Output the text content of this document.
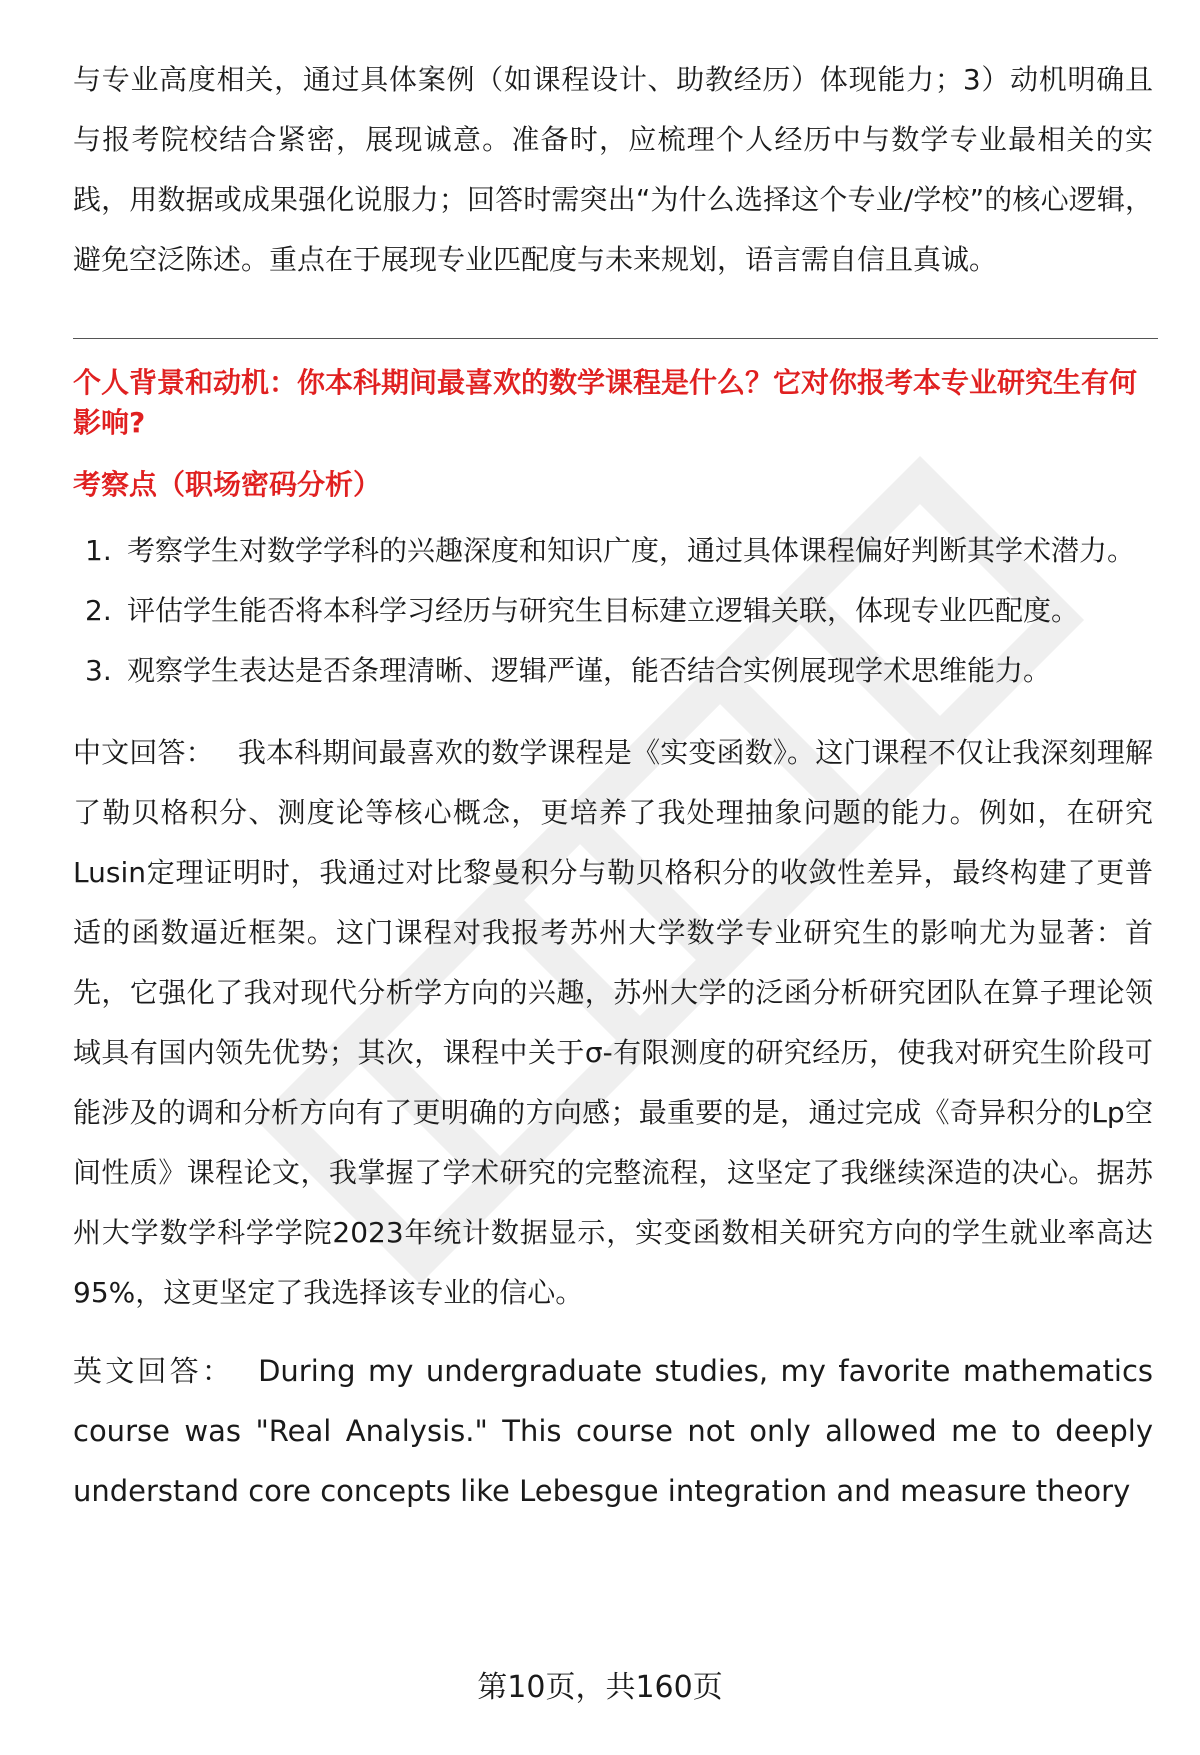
与专业高度相关，通过具体案例（如课程设计、助教经历）体现能力；3）动机明确且与报考院校结合紧密，展现诚意。准备时，应梳理个人经历中与数学专业最相关的实践，用数据或成果强化说服力；回答时需突出“为什么选择这个专业/学校”的核心逻辑，避免空泛陈述。重点在于展现专业匹配度与未来规划，语言需自信且真诚。

个人背景和动机：你本科期间最喜欢的数学课程是什么？它对你报考本专业研究生有何影响?

考察点（职场密码分析）

1. 考察学生对数学学科的兴趣深度和知识广度，通过具体课程偏好判断其学术潜力。
2. 评估学生能否将本科学习经历与研究生目标建立逻辑关联，体现专业匹配度。
3. 观察学生表达是否条理清晰、逻辑严谨，能否结合实例展现学术思维能力。

中文回答： 我本科期间最喜欢的数学课程是《实变函数》。这门课程不仅让我深刻理解了勒贝格积分、测度论等核心概念，更培养了我处理抽象问题的能力。例如，在研究Lusin定理证明时，我通过对比黎曼积分与勒贝格积分的收敛性差异，最终构建了更普适的函数逼近框架。这门课程对我报考苏州大学数学专业研究生的影响尤为显著：首先，它强化了我对现代分析学方向的兴趣，苏州大学的泛函分析研究团队在算子理论领域具有国内领先优势；其次，课程中关于σ-有限测度的研究经历，使我对研究生阶段可能涉及的调和分析方向有了更明确的方向感；最重要的是，通过完成《奇异积分的Lp空间性质》课程论文，我掌握了学术研究的完整流程，这坚定了我继续深造的决心。据苏州大学数学科学学院2023年统计数据显示，实变函数相关研究方向的学生就业率高达95%，这更坚定了我选择该专业的信心。

英文回答： During my undergraduate studies, my favorite mathematics course was "Real Analysis." This course not only allowed me to deeply understand core concepts like Lebesgue integration and measure theory

第10页，共160页
